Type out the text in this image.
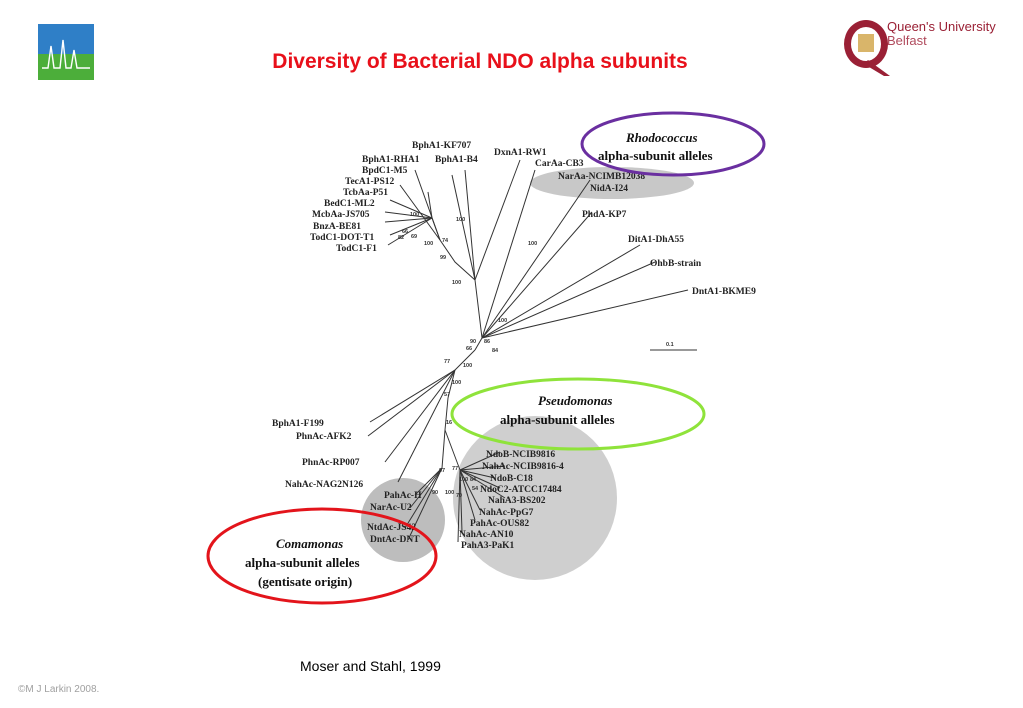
Diversity of Bacterial NDO alpha subunits
Queen's University
Belfast
0.1
100
66
69
82
100 74
99
100
100
100
90
66
86
84
100
77
100
100
57
16
97
90
77
100 84
100
54
70
BphA1-KF707
BphA1-RHA1 BphA1-B4
BpdC1-M5
TecA1-PS12
TcbAa-P51
BedC1-ML2
McbAa-JS705
BnzA-BE81
TodC1-DOT-T1
TodC1-F1
DxnA1-RW1
CarAa-CB3
NarAa-NCIMB12038
NidA-I24
PhdA-KP7
DitA1-DhA55
OhbB-strain
DntA1-BKME9
BphA1-F199
PhnAc-AFK2
PhnAc-RP007
NahAc-NAG2N126
PahAc-H
NarAc-U2
NtdAc-JS42
DntAc-DNT
NdoB-NCIB9816
NahAc-NCIB9816-4
NdoB-C18
NdoC2-ATCC17484
NahA3-BS202
NahAc-PpG7
PahAc-OUS82
NahAc-AN10
PahA3-PaK1
Rhodococcus
alpha-subunit alleles
Pseudomonas
alpha-subunit alleles
Comamonas
alpha-subunit alleles
(gentisate origin)
Moser and Stahl, 1999
©M J Larkin 2008.
